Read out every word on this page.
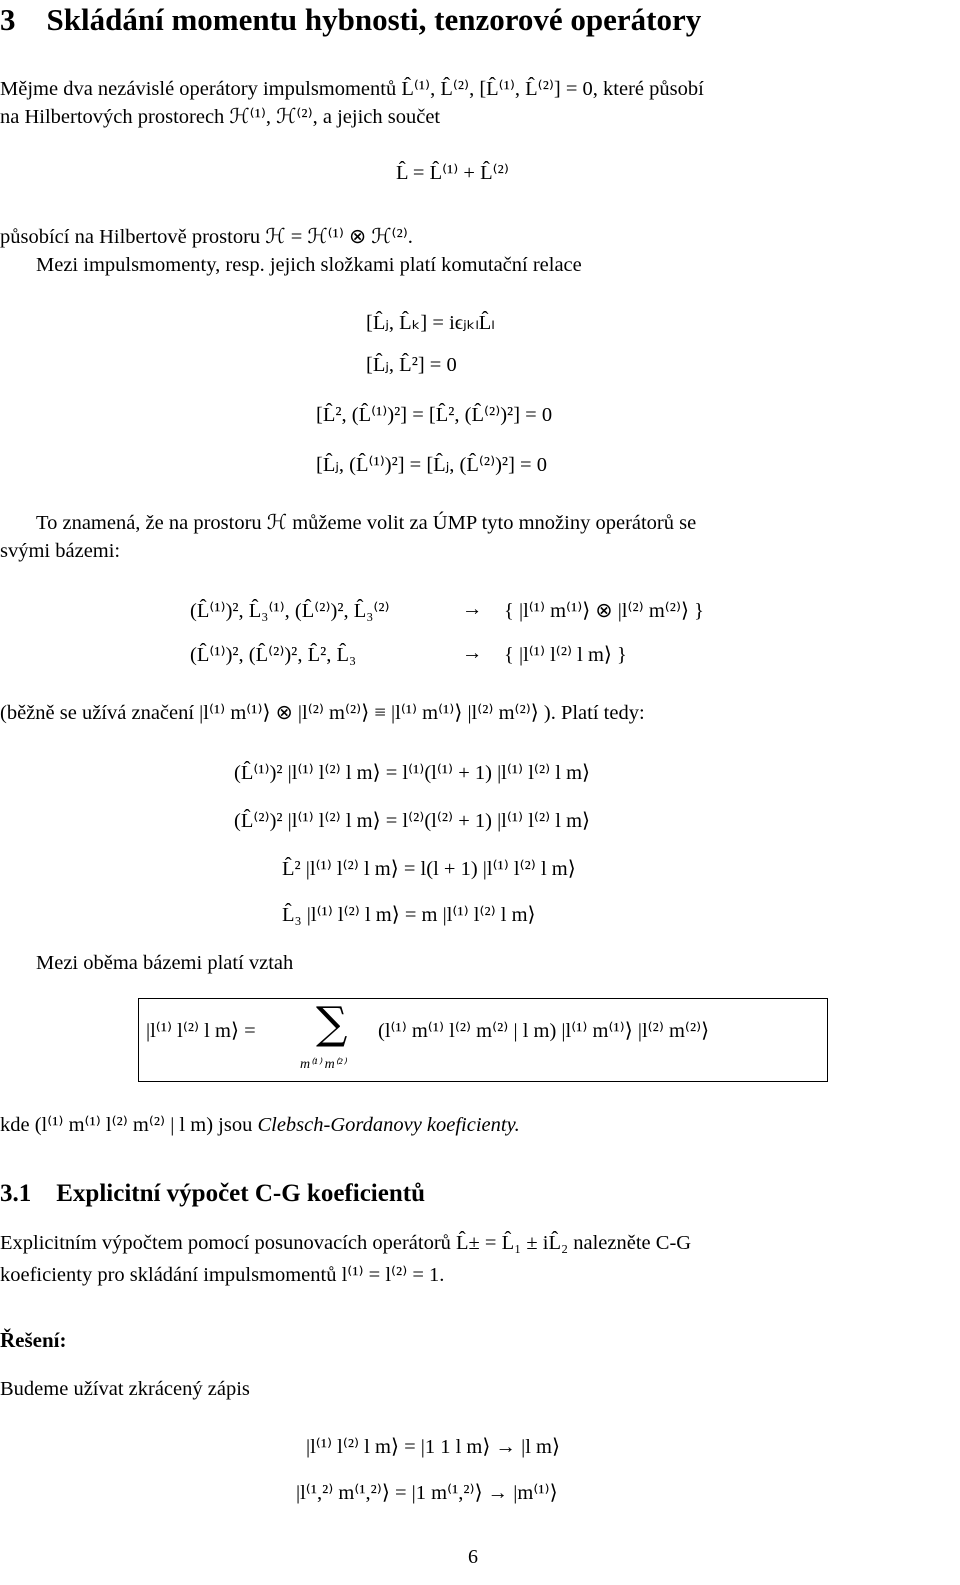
3 Skládání momentu hybnosti, tenzorové operátory
Mějme dva nezávislé operátory impulsmomentů L̂⁽¹⁾, L̂⁽²⁾, [L̂⁽¹⁾, L̂⁽²⁾] = 0, které působí
na Hilbertových prostorech ℋ⁽¹⁾, ℋ⁽²⁾, a jejich součet
L̂ = L̂⁽¹⁾ + L̂⁽²⁾
působící na Hilbertově prostoru ℋ = ℋ⁽¹⁾ ⊗ ℋ⁽²⁾.
Mezi impulsmomenty, resp. jejich složkami platí komutační relace
[L̂ⱼ, L̂ₖ] = iϵⱼₖₗL̂ₗ
[L̂ⱼ, L̂²] = 0
[L̂², (L̂⁽¹⁾)²] = [L̂², (L̂⁽²⁾)²] = 0
[L̂ⱼ, (L̂⁽¹⁾)²] = [L̂ⱼ, (L̂⁽²⁾)²] = 0
To znamená, že na prostoru ℋ můžeme volit za ÚMP tyto množiny operátorů se
svými bázemi:
(L̂⁽¹⁾)², L̂₃⁽¹⁾, (L̂⁽²⁾)², L̂₃⁽²⁾	→ { |l⁽¹⁾ m⁽¹⁾⟩ ⊗ |l⁽²⁾ m⁽²⁾⟩ }
(L̂⁽¹⁾)², (L̂⁽²⁾)², L̂², L̂₃	→ { |l⁽¹⁾ l⁽²⁾ l m⟩ }
(běžně se užívá značení |l⁽¹⁾ m⁽¹⁾⟩ ⊗ |l⁽²⁾ m⁽²⁾⟩ ≡ |l⁽¹⁾ m⁽¹⁾⟩ |l⁽²⁾ m⁽²⁾⟩ ). Platí tedy:
(L̂⁽¹⁾)² |l⁽¹⁾ l⁽²⁾ l m⟩ = l⁽¹⁾(l⁽¹⁾ + 1) |l⁽¹⁾ l⁽²⁾ l m⟩
(L̂⁽²⁾)² |l⁽¹⁾ l⁽²⁾ l m⟩ = l⁽²⁾(l⁽²⁾ + 1) |l⁽¹⁾ l⁽²⁾ l m⟩
L̂² |l⁽¹⁾ l⁽²⁾ l m⟩ = l(l + 1) |l⁽¹⁾ l⁽²⁾ l m⟩
L̂₃ |l⁽¹⁾ l⁽²⁾ l m⟩ = m |l⁽¹⁾ l⁽²⁾ l m⟩
Mezi oběma bázemi platí vztah
|l⁽¹⁾ l⁽²⁾ l m⟩ = ∑
m⁽¹⁾ m⁽²⁾
(l⁽¹⁾ m⁽¹⁾ l⁽²⁾ m⁽²⁾ | l m) |l⁽¹⁾ m⁽¹⁾⟩ |l⁽²⁾ m⁽²⁾⟩
kde (l⁽¹⁾ m⁽¹⁾ l⁽²⁾ m⁽²⁾ | l m) jsou Clebsch-Gordanovy koeficienty.
3.1 Explicitní výpočet C-G koeficientů
Explicitním výpočtem pomocí posunovacích operátorů L̂± = L̂₁ ± iL̂₂ nalezněte C-G
koeficienty pro skládání impulsmomentů l⁽¹⁾ = l⁽²⁾ = 1.
Řešení:
Budeme užívat zkrácený zápis
|l⁽¹⁾ l⁽²⁾ l m⟩ = |1 1 l m⟩ → |l m⟩
|l⁽¹,²⁾ m⁽¹,²⁾⟩ = |1 m⁽¹,²⁾⟩ → |m⁽¹⁾⟩
6
